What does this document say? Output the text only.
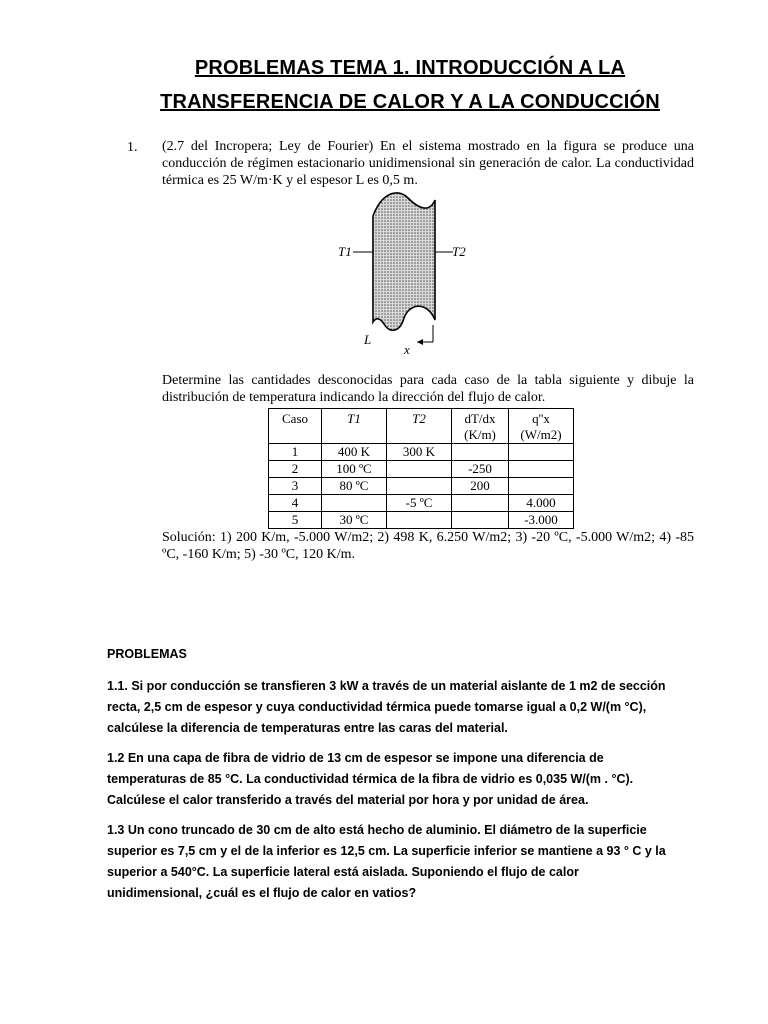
PROBLEMAS TEMA 1. INTRODUCCIÓN A LA
TRANSFERENCIA DE CALOR Y A LA CONDUCCIÓN
1. (2.7 del Incropera; Ley de Fourier) En el sistema mostrado en la figura se produce una conducción de régimen estacionario unidimensional sin generación de calor. La conductividad térmica es 25 W/m·K y el espesor L es 0,5 m.
T1	T2
L
x
Determine las cantidades desconocidas para cada caso de la tabla siguiente y dibuje la distribución de temperatura indicando la dirección del flujo de calor.
Caso	T1	T2	dT/dx (K/m)	q''x (W/m2)
1	400 K	300 K		
2	100 ºC		-250	
3	80 ºC		200	
4		-5 ºC		4.000
5	30 ºC			-3.000
Solución: 1) 200 K/m, -5.000 W/m2; 2) 498 K, 6.250 W/m2; 3) -20 ºC, -5.000 W/m2; 4) -85 ºC, -160 K/m; 5) -30 ºC, 120 K/m.
PROBLEMAS
1.1. Si por conducción se transfieren 3 kW a través de un material aislante de 1 m2 de sección recta, 2,5 cm de espesor y cuya conductividad térmica puede tomarse igual a 0,2 W/(m °C), calcúlese la diferencia de temperaturas entre las caras del material.
1.2 En una capa de fibra de vidrio de 13 cm de espesor se impone una diferencia de temperaturas de 85 °C. La conductividad térmica de la fibra de vidrio es 0,035 W/(m . °C). Calcúlese el calor transferido a través del material por hora y por unidad de área.
1.3 Un cono truncado de 30 cm de alto está hecho de aluminio. El diámetro de la superficie superior es 7,5 cm y el de la inferior es 12,5 cm. La superficie inferior se mantiene a 93 ° C y la superior a 540°C. La superficie lateral está aislada. Suponiendo el flujo de calor unidimensional, ¿cuál es el flujo de calor en vatios?
